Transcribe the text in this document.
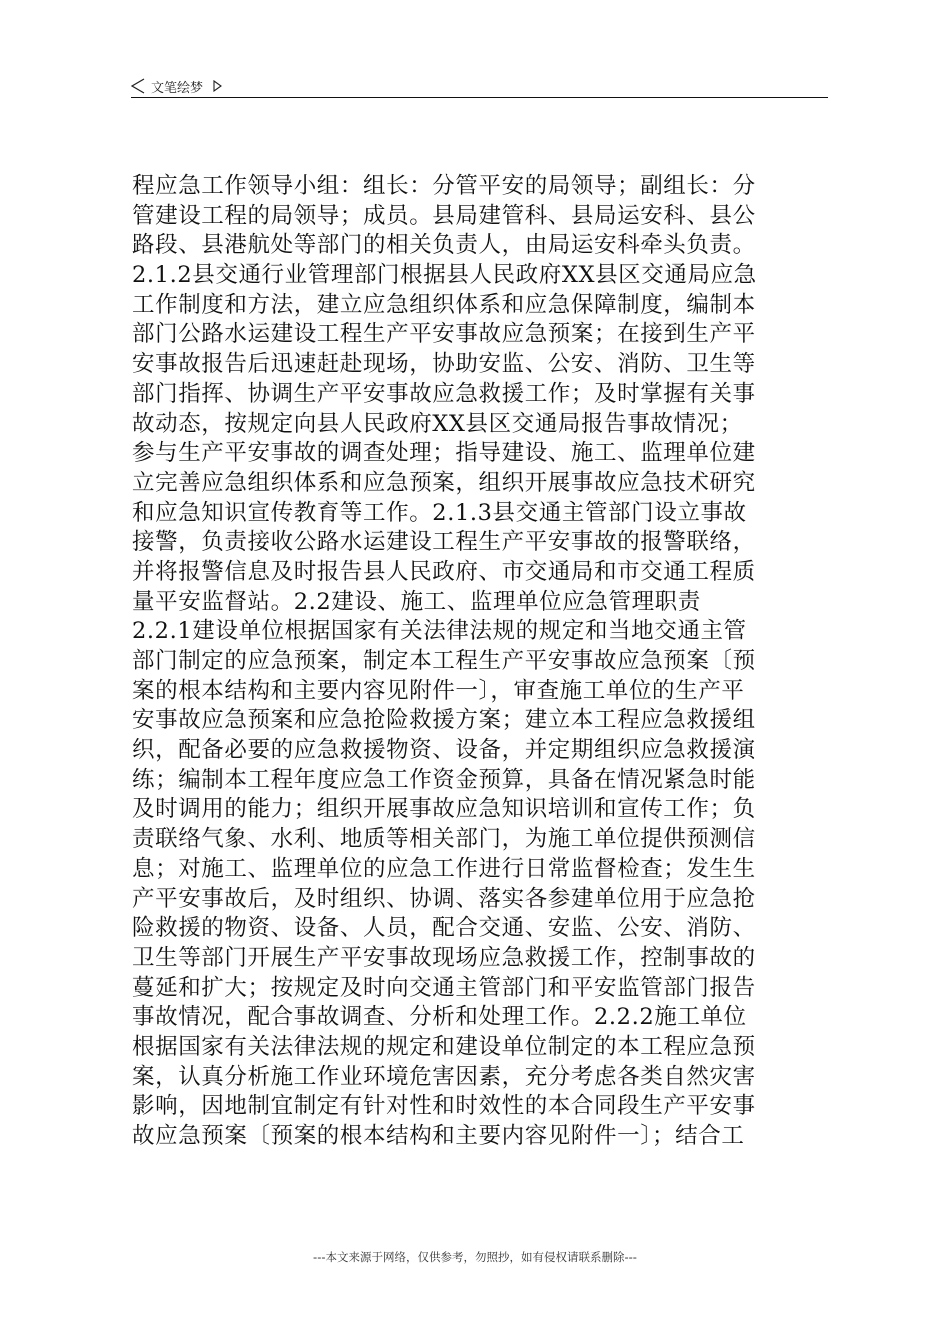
文笔绘梦
程应急工作领导小组：组长：分管平安的局领导；副组长：分
管建设工程的局领导；成员。县局建管科、县局运安科、县公
路段、县港航处等部门的相关负责人，由局运安科牵头负责。
2.1.2县交通行业管理部门根据县人民政府XX县区交通局应急
工作制度和方法，建立应急组织体系和应急保障制度，编制本
部门公路水运建设工程生产平安事故应急预案；在接到生产平
安事故报告后迅速赶赴现场，协助安监、公安、消防、卫生等
部门指挥、协调生产平安事故应急救援工作；及时掌握有关事
故动态，按规定向县人民政府XX县区交通局报告事故情况；
参与生产平安事故的调查处理；指导建设、施工、监理单位建
立完善应急组织体系和应急预案，组织开展事故应急技术研究
和应急知识宣传教育等工作。2.1.3县交通主管部门设立事故
接警，负责接收公路水运建设工程生产平安事故的报警联络，
并将报警信息及时报告县人民政府、市交通局和市交通工程质
量平安监督站。2.2建设、施工、监理单位应急管理职责
2.2.1建设单位根据国家有关法律法规的规定和当地交通主管
部门制定的应急预案，制定本工程生产平安事故应急预案〔预
案的根本结构和主要内容见附件一〕，审查施工单位的生产平
安事故应急预案和应急抢险救援方案；建立本工程应急救援组
织，配备必要的应急救援物资、设备，并定期组织应急救援演
练；编制本工程年度应急工作资金预算，具备在情况紧急时能
及时调用的能力；组织开展事故应急知识培训和宣传工作；负
责联络气象、水利、地质等相关部门，为施工单位提供预测信
息；对施工、监理单位的应急工作进行日常监督检查；发生生
产平安事故后，及时组织、协调、落实各参建单位用于应急抢
险救援的物资、设备、人员，配合交通、安监、公安、消防、
卫生等部门开展生产平安事故现场应急救援工作，控制事故的
蔓延和扩大；按规定及时向交通主管部门和平安监管部门报告
事故情况，配合事故调查、分析和处理工作。2.2.2施工单位
根据国家有关法律法规的规定和建设单位制定的本工程应急预
案，认真分析施工作业环境危害因素，充分考虑各类自然灾害
影响，因地制宜制定有针对性和时效性的本合同段生产平安事
故应急预案〔预案的根本结构和主要内容见附件一〕；结合工
---本文来源于网络，仅供参考，勿照抄，如有侵权请联系删除---
